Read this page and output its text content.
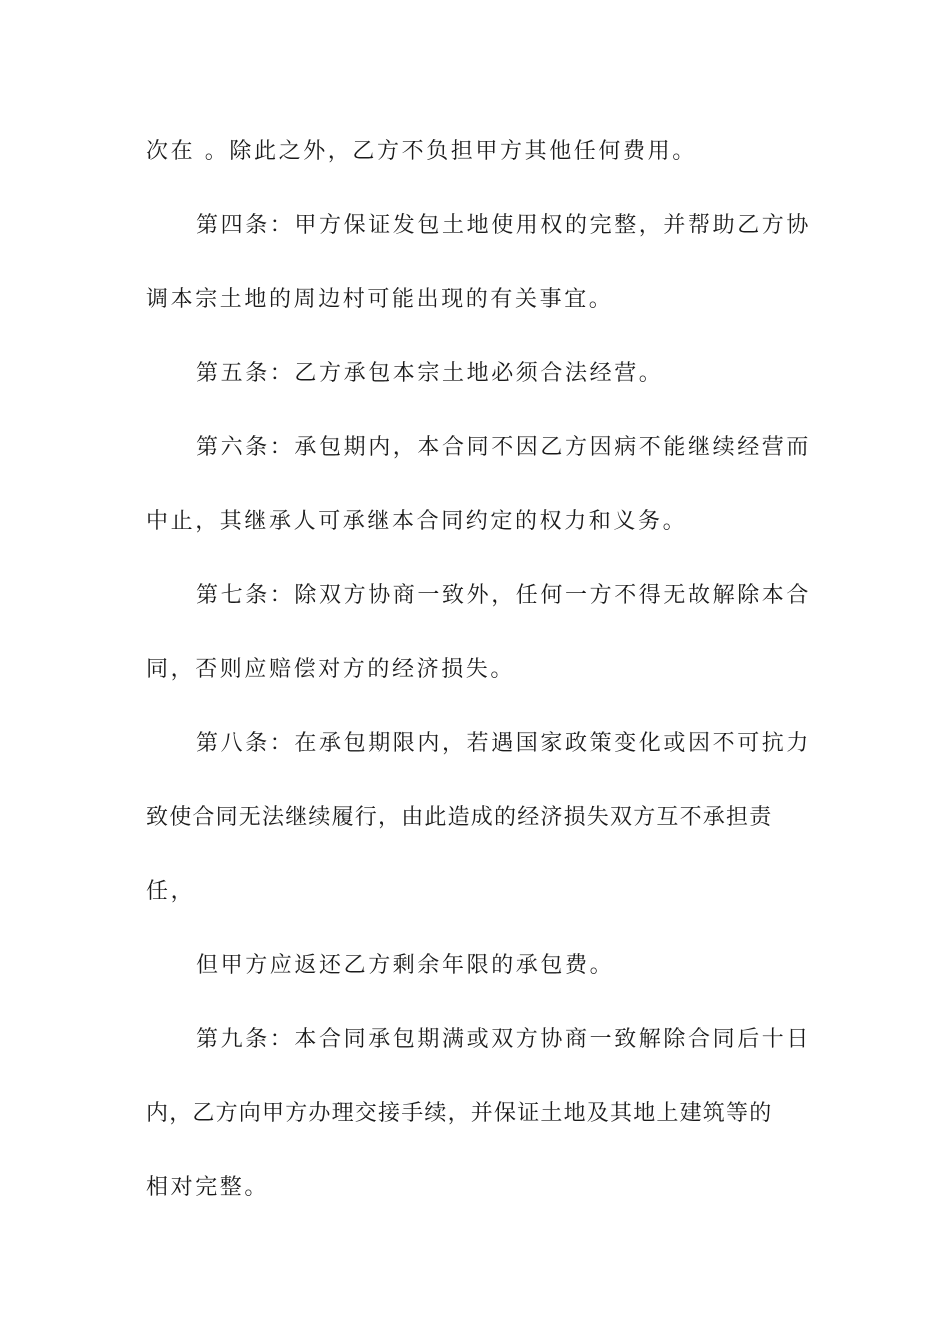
次在 。除此之外，乙方不负担甲方其他任何费用。
第四条：甲方保证发包土地使用权的完整，并帮助乙方协
调本宗土地的周边村可能出现的有关事宜。
第五条：乙方承包本宗土地必须合法经营。
第六条：承包期内，本合同不因乙方因病不能继续经营而
中止，其继承人可承继本合同约定的权力和义务。
第七条：除双方协商一致外，任何一方不得无故解除本合
同，否则应赔偿对方的经济损失。
第八条：在承包期限内，若遇国家政策变化或因不可抗力
致使合同无法继续履行，由此造成的经济损失双方互不承担责
任，
但甲方应返还乙方剩余年限的承包费。
第九条：本合同承包期满或双方协商一致解除合同后十日
内，乙方向甲方办理交接手续，并保证土地及其地上建筑等的
相对完整。
